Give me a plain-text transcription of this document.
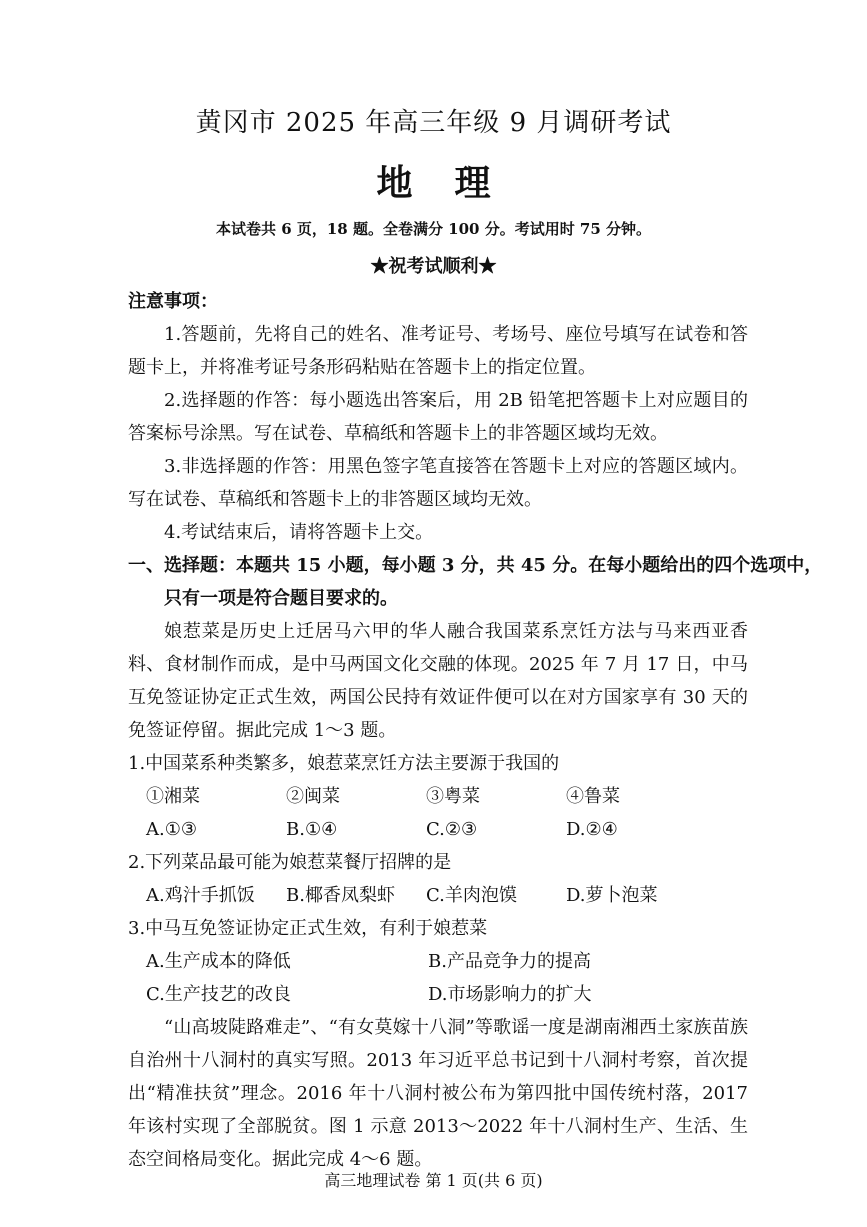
黄冈市 2025 年高三年级 9 月调研考试
地理
本试卷共 6 页，18 题。全卷满分 100 分。考试用时 75 分钟。
★祝考试顺利★
注意事项：
1.答题前，先将自己的姓名、准考证号、考场号、座位号填写在试卷和答题卡上，并将准考证号条形码粘贴在答题卡上的指定位置。
2.选择题的作答：每小题选出答案后，用 2B 铅笔把答题卡上对应题目的答案标号涂黑。写在试卷、草稿纸和答题卡上的非答题区域均无效。
3.非选择题的作答：用黑色签字笔直接答在答题卡上对应的答题区域内。写在试卷、草稿纸和答题卡上的非答题区域均无效。
4.考试结束后，请将答题卡上交。
一、选择题：本题共 15 小题，每小题 3 分，共 45 分。在每小题给出的四个选项中，
只有一项是符合题目要求的。
娘惹菜是历史上迁居马六甲的华人融合我国菜系烹饪方法与马来西亚香料、食材制作而成，是中马两国文化交融的体现。2025 年 7 月 17 日，中马互免签证协定正式生效，两国公民持有效证件便可以在对方国家享有 30 天的免签证停留。据此完成 1～3 题。
1.中国菜系种类繁多，娘惹菜烹饪方法主要源于我国的
①湘菜	②闽菜	③粤菜	④鲁菜
A.①③	B.①④	C.②③	D.②④
2.下列菜品最可能为娘惹菜餐厅招牌的是
A.鸡汁手抓饭	B.椰香凤梨虾	C.羊肉泡馍	D.萝卜泡菜
3.中马互免签证协定正式生效，有利于娘惹菜
A.生产成本的降低	B.产品竞争力的提高
C.生产技艺的改良	D.市场影响力的扩大
“山高坡陡路难走”、“有女莫嫁十八洞”等歌谣一度是湖南湘西土家族苗族自治州十八洞村的真实写照。2013 年习近平总书记到十八洞村考察，首次提出“精准扶贫”理念。2016 年十八洞村被公布为第四批中国传统村落，2017 年该村实现了全部脱贫。图 1 示意 2013～2022 年十八洞村生产、生活、生态空间格局变化。据此完成 4～6 题。
高三地理试卷 第 1 页(共 6 页)
